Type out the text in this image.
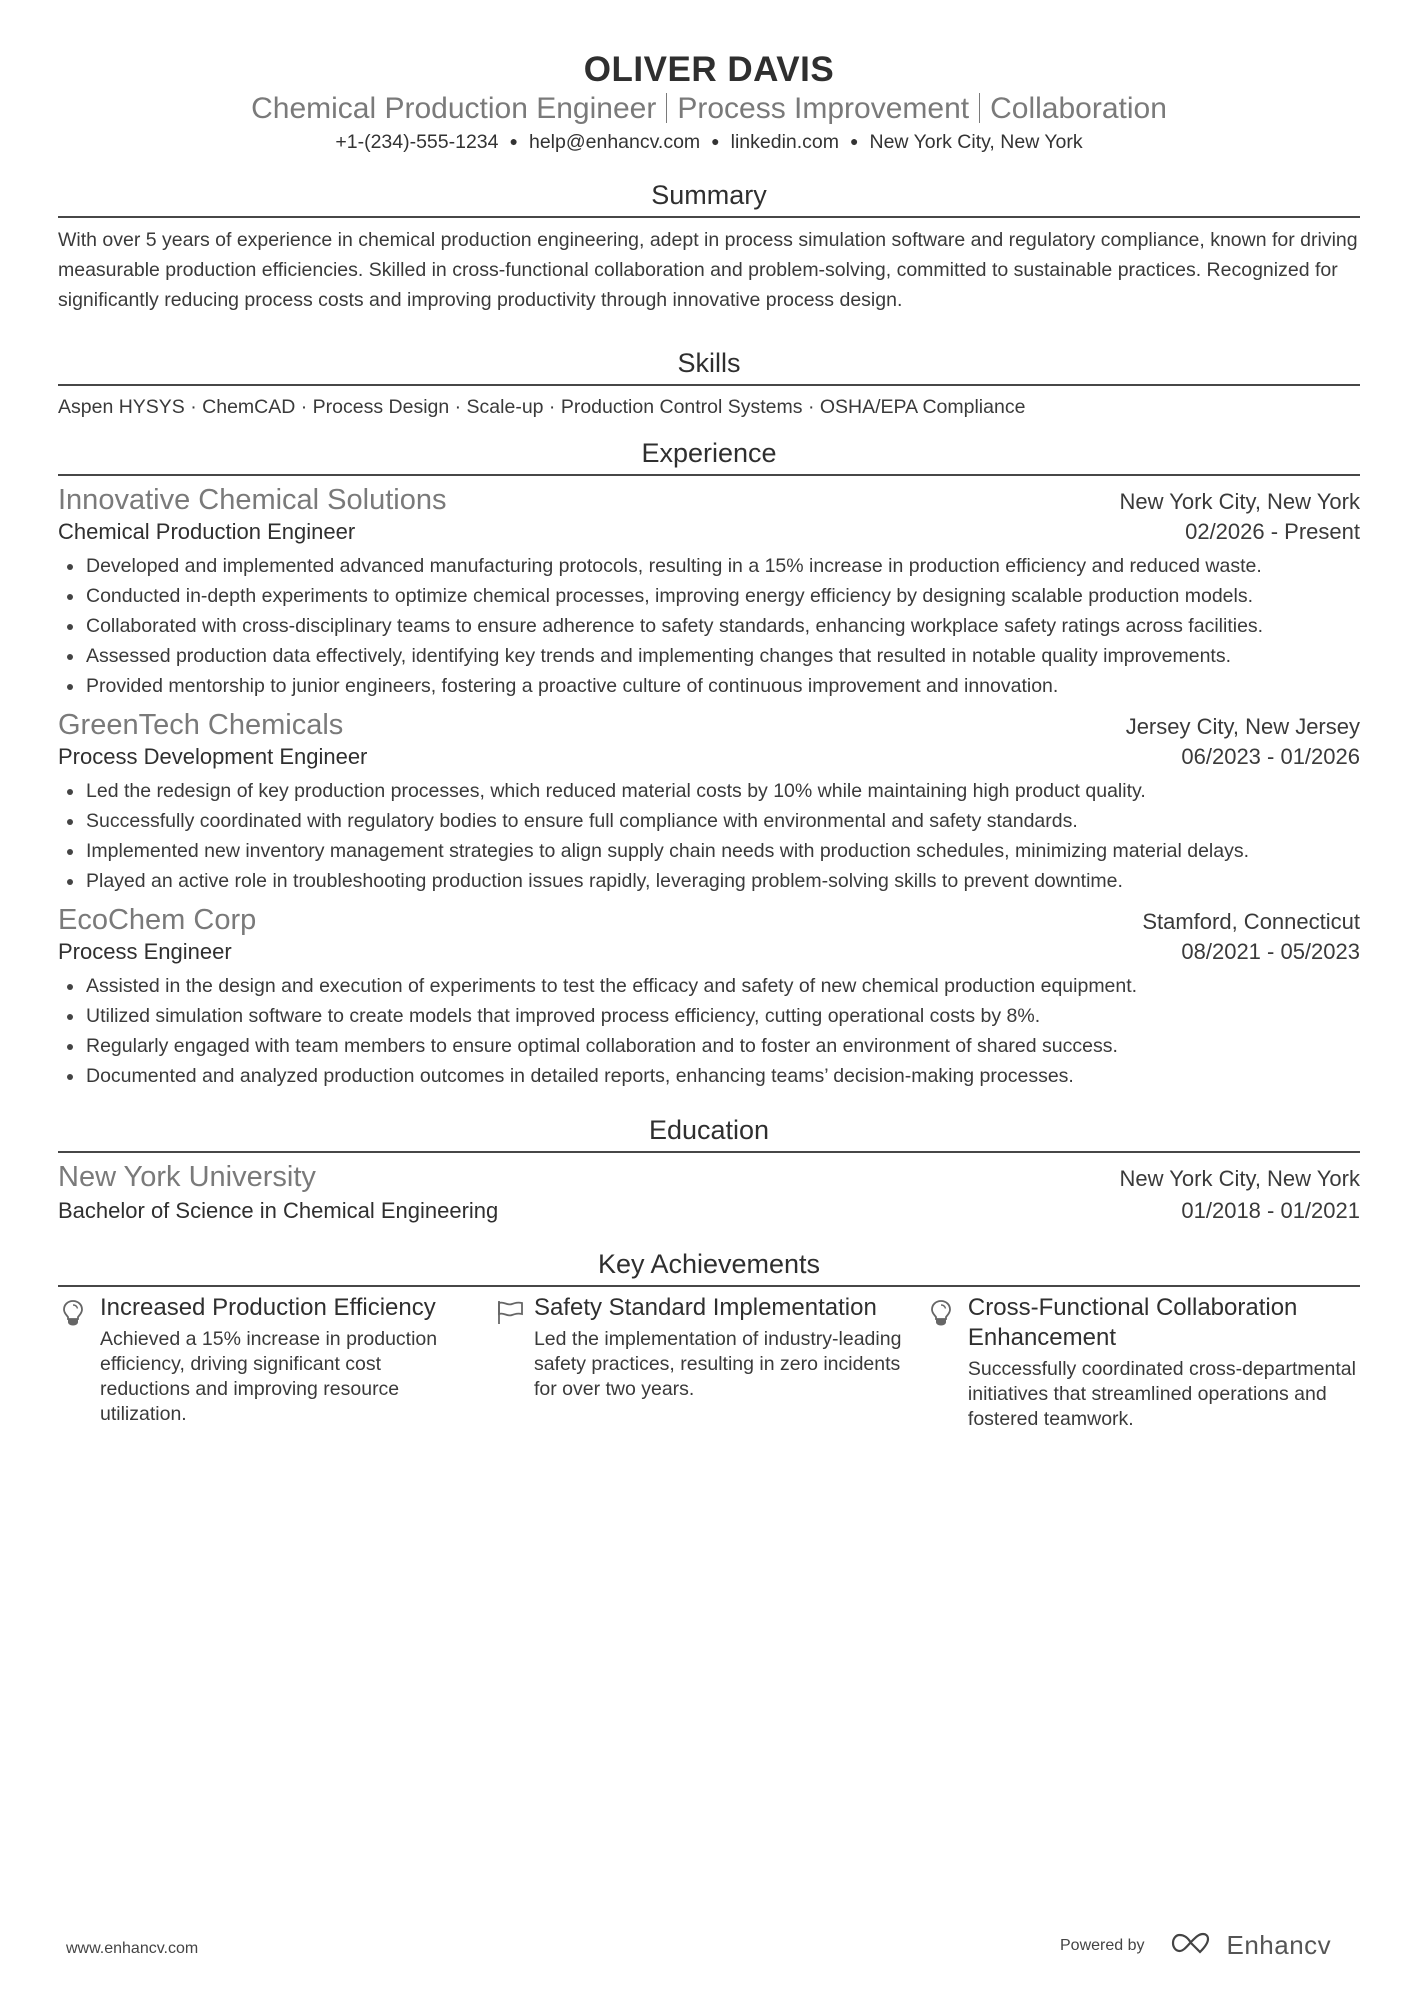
OLIVER DAVIS
Chemical Production Engineer Process Improvement Collaboration
+1-(234)-555-1234 ● help@enhancv.com ● linkedin.com ● New York City, New York
Summary
With over 5 years of experience in chemical production engineering, adept in process simulation software and regulatory compliance, known for driving measurable production efficiencies. Skilled in cross-functional collaboration and problem-solving, committed to sustainable practices. Recognized for significantly reducing process costs and improving productivity through innovative process design.
Skills
Aspen HYSYS · ChemCAD · Process Design · Scale-up · Production Control Systems · OSHA/EPA Compliance
Experience
Innovative Chemical Solutions	New York City, New York
Chemical Production Engineer	02/2026 - Present
Developed and implemented advanced manufacturing protocols, resulting in a 15% increase in production efficiency and reduced waste.
Conducted in-depth experiments to optimize chemical processes, improving energy efficiency by designing scalable production models.
Collaborated with cross-disciplinary teams to ensure adherence to safety standards, enhancing workplace safety ratings across facilities.
Assessed production data effectively, identifying key trends and implementing changes that resulted in notable quality improvements.
Provided mentorship to junior engineers, fostering a proactive culture of continuous improvement and innovation.
GreenTech Chemicals	Jersey City, New Jersey
Process Development Engineer	06/2023 - 01/2026
Led the redesign of key production processes, which reduced material costs by 10% while maintaining high product quality.
Successfully coordinated with regulatory bodies to ensure full compliance with environmental and safety standards.
Implemented new inventory management strategies to align supply chain needs with production schedules, minimizing material delays.
Played an active role in troubleshooting production issues rapidly, leveraging problem-solving skills to prevent downtime.
EcoChem Corp	Stamford, Connecticut
Process Engineer	08/2021 - 05/2023
Assisted in the design and execution of experiments to test the efficacy and safety of new chemical production equipment.
Utilized simulation software to create models that improved process efficiency, cutting operational costs by 8%.
Regularly engaged with team members to ensure optimal collaboration and to foster an environment of shared success.
Documented and analyzed production outcomes in detailed reports, enhancing teams’ decision-making processes.
Education
New York University	New York City, New York
Bachelor of Science in Chemical Engineering	01/2018 - 01/2021
Key Achievements
Increased Production Efficiency
Achieved a 15% increase in production efficiency, driving significant cost reductions and improving resource utilization.
Safety Standard Implementation
Led the implementation of industry-leading safety practices, resulting in zero incidents for over two years.
Cross-Functional Collaboration Enhancement
Successfully coordinated cross-departmental initiatives that streamlined operations and fostered teamwork.
www.enhancv.com	Powered by	Enhancv
